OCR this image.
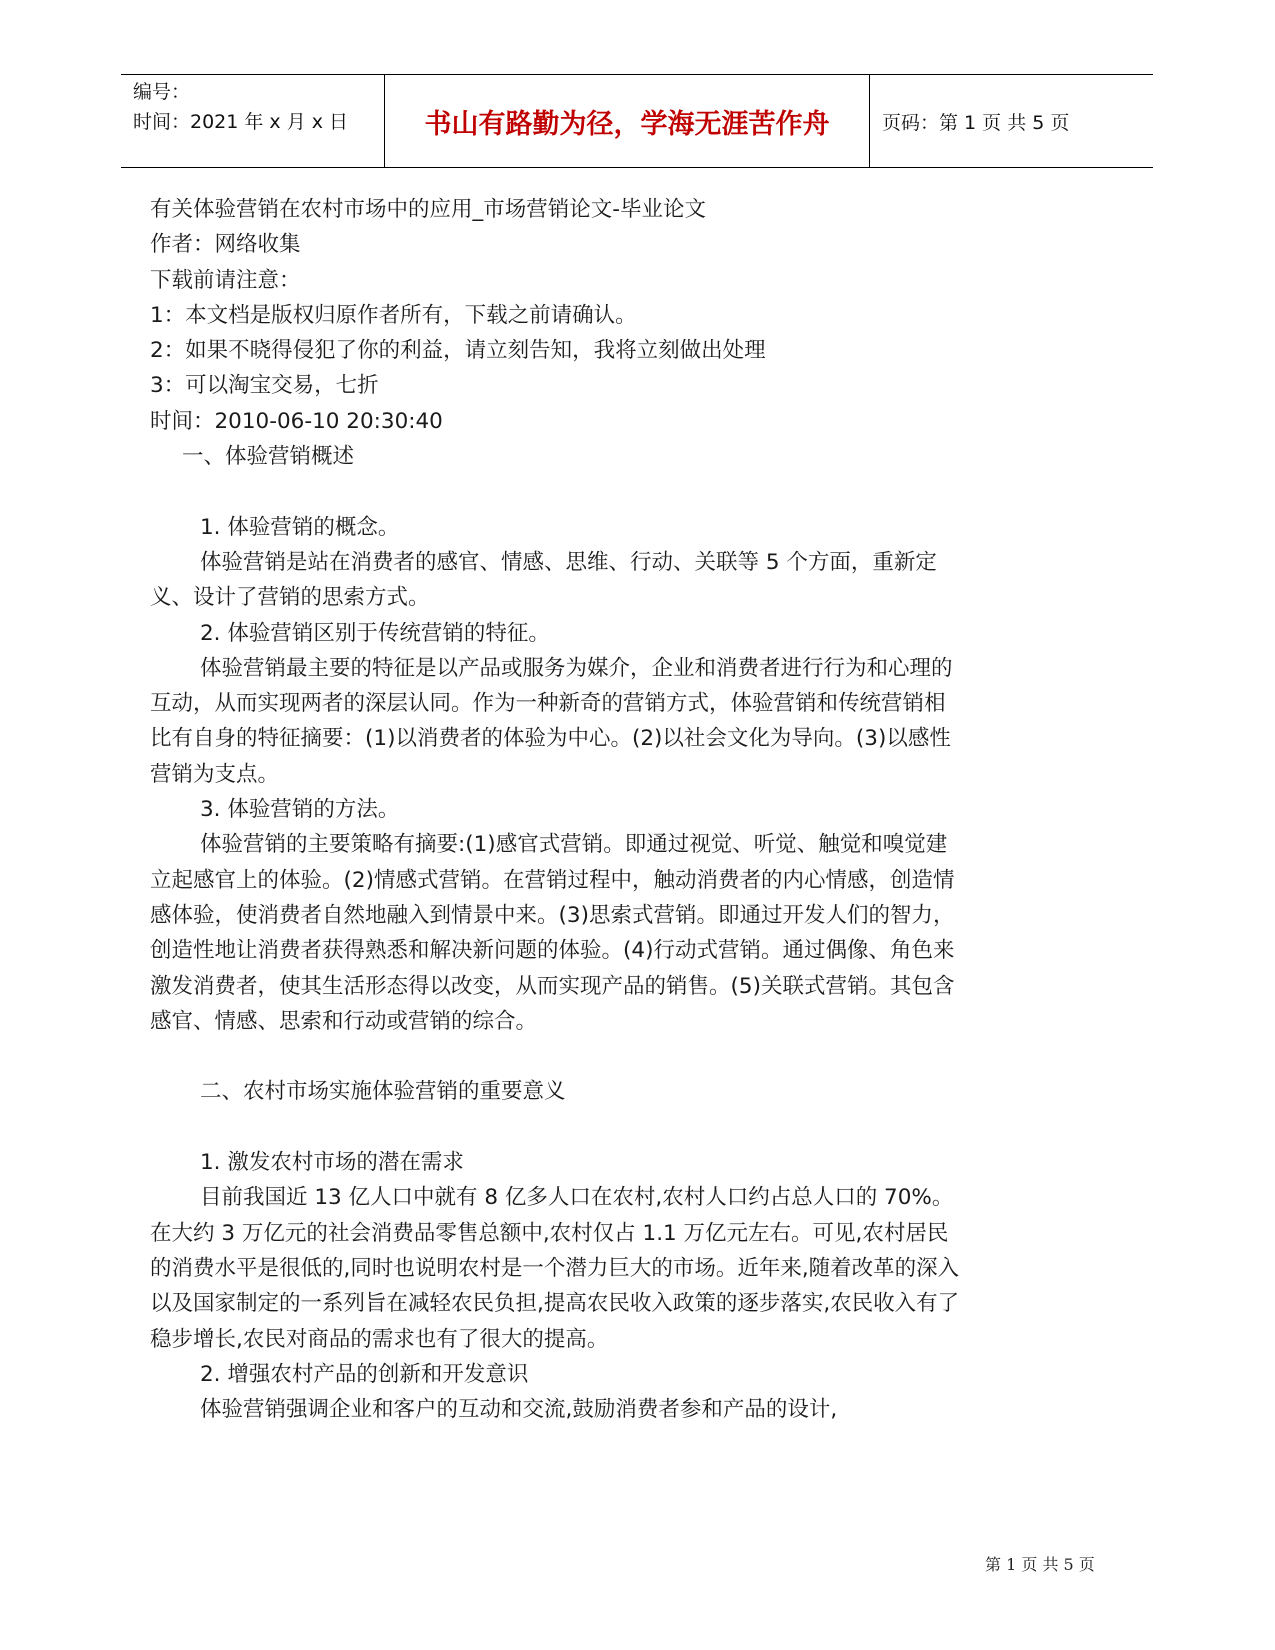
编号：
时间：2021 年 x 月 x 日	书山有路勤为径，学海无涯苦作舟	页码：第 1 页 共 5 页

有关体验营销在农村市场中的应用_市场营销论文-毕业论文

作者：网络收集

下载前请注意：

1：本文档是版权归原作者所有，下载之前请确认。

2：如果不晓得侵犯了你的利益，请立刻告知，我将立刻做出处理

3：可以淘宝交易，七折

时间：2010-06-10 20:30:40

一、体验营销概述

1. 体验营销的概念。

体验营销是站在消费者的感官、情感、思维、行动、关联等 5 个方面，重新定义、设计了营销的思索方式。

2. 体验营销区别于传统营销的特征。

体验营销最主要的特征是以产品或服务为媒介，企业和消费者进行行为和心理的互动，从而实现两者的深层认同。作为一种新奇的营销方式，体验营销和传统营销相比有自身的特征摘要：(1)以消费者的体验为中心。(2)以社会文化为导向。(3)以感性营销为支点。

3. 体验营销的方法。

体验营销的主要策略有摘要:(1)感官式营销。即通过视觉、听觉、触觉和嗅觉建立起感官上的体验。(2)情感式营销。在营销过程中，触动消费者的内心情感，创造情感体验，使消费者自然地融入到情景中来。(3)思索式营销。即通过开发人们的智力，创造性地让消费者获得熟悉和解决新问题的体验。(4)行动式营销。通过偶像、角色来激发消费者，使其生活形态得以改变，从而实现产品的销售。(5)关联式营销。其包含感官、情感、思索和行动或营销的综合。

二、农村市场实施体验营销的重要意义

1. 激发农村市场的潜在需求

目前我国近 13 亿人口中就有 8 亿多人口在农村,农村人口约占总人口的 70%。在大约 3 万亿元的社会消费品零售总额中,农村仅占 1.1 万亿元左右。可见,农村居民的消费水平是很低的,同时也说明农村是一个潜力巨大的市场。近年来,随着改革的深入以及国家制定的一系列旨在减轻农民负担,提高农民收入政策的逐步落实,农民收入有了稳步增长,农民对商品的需求也有了很大的提高。

2. 增强农村产品的创新和开发意识

体验营销强调企业和客户的互动和交流,鼓励消费者参和产品的设计,

第 1 页 共 5 页
